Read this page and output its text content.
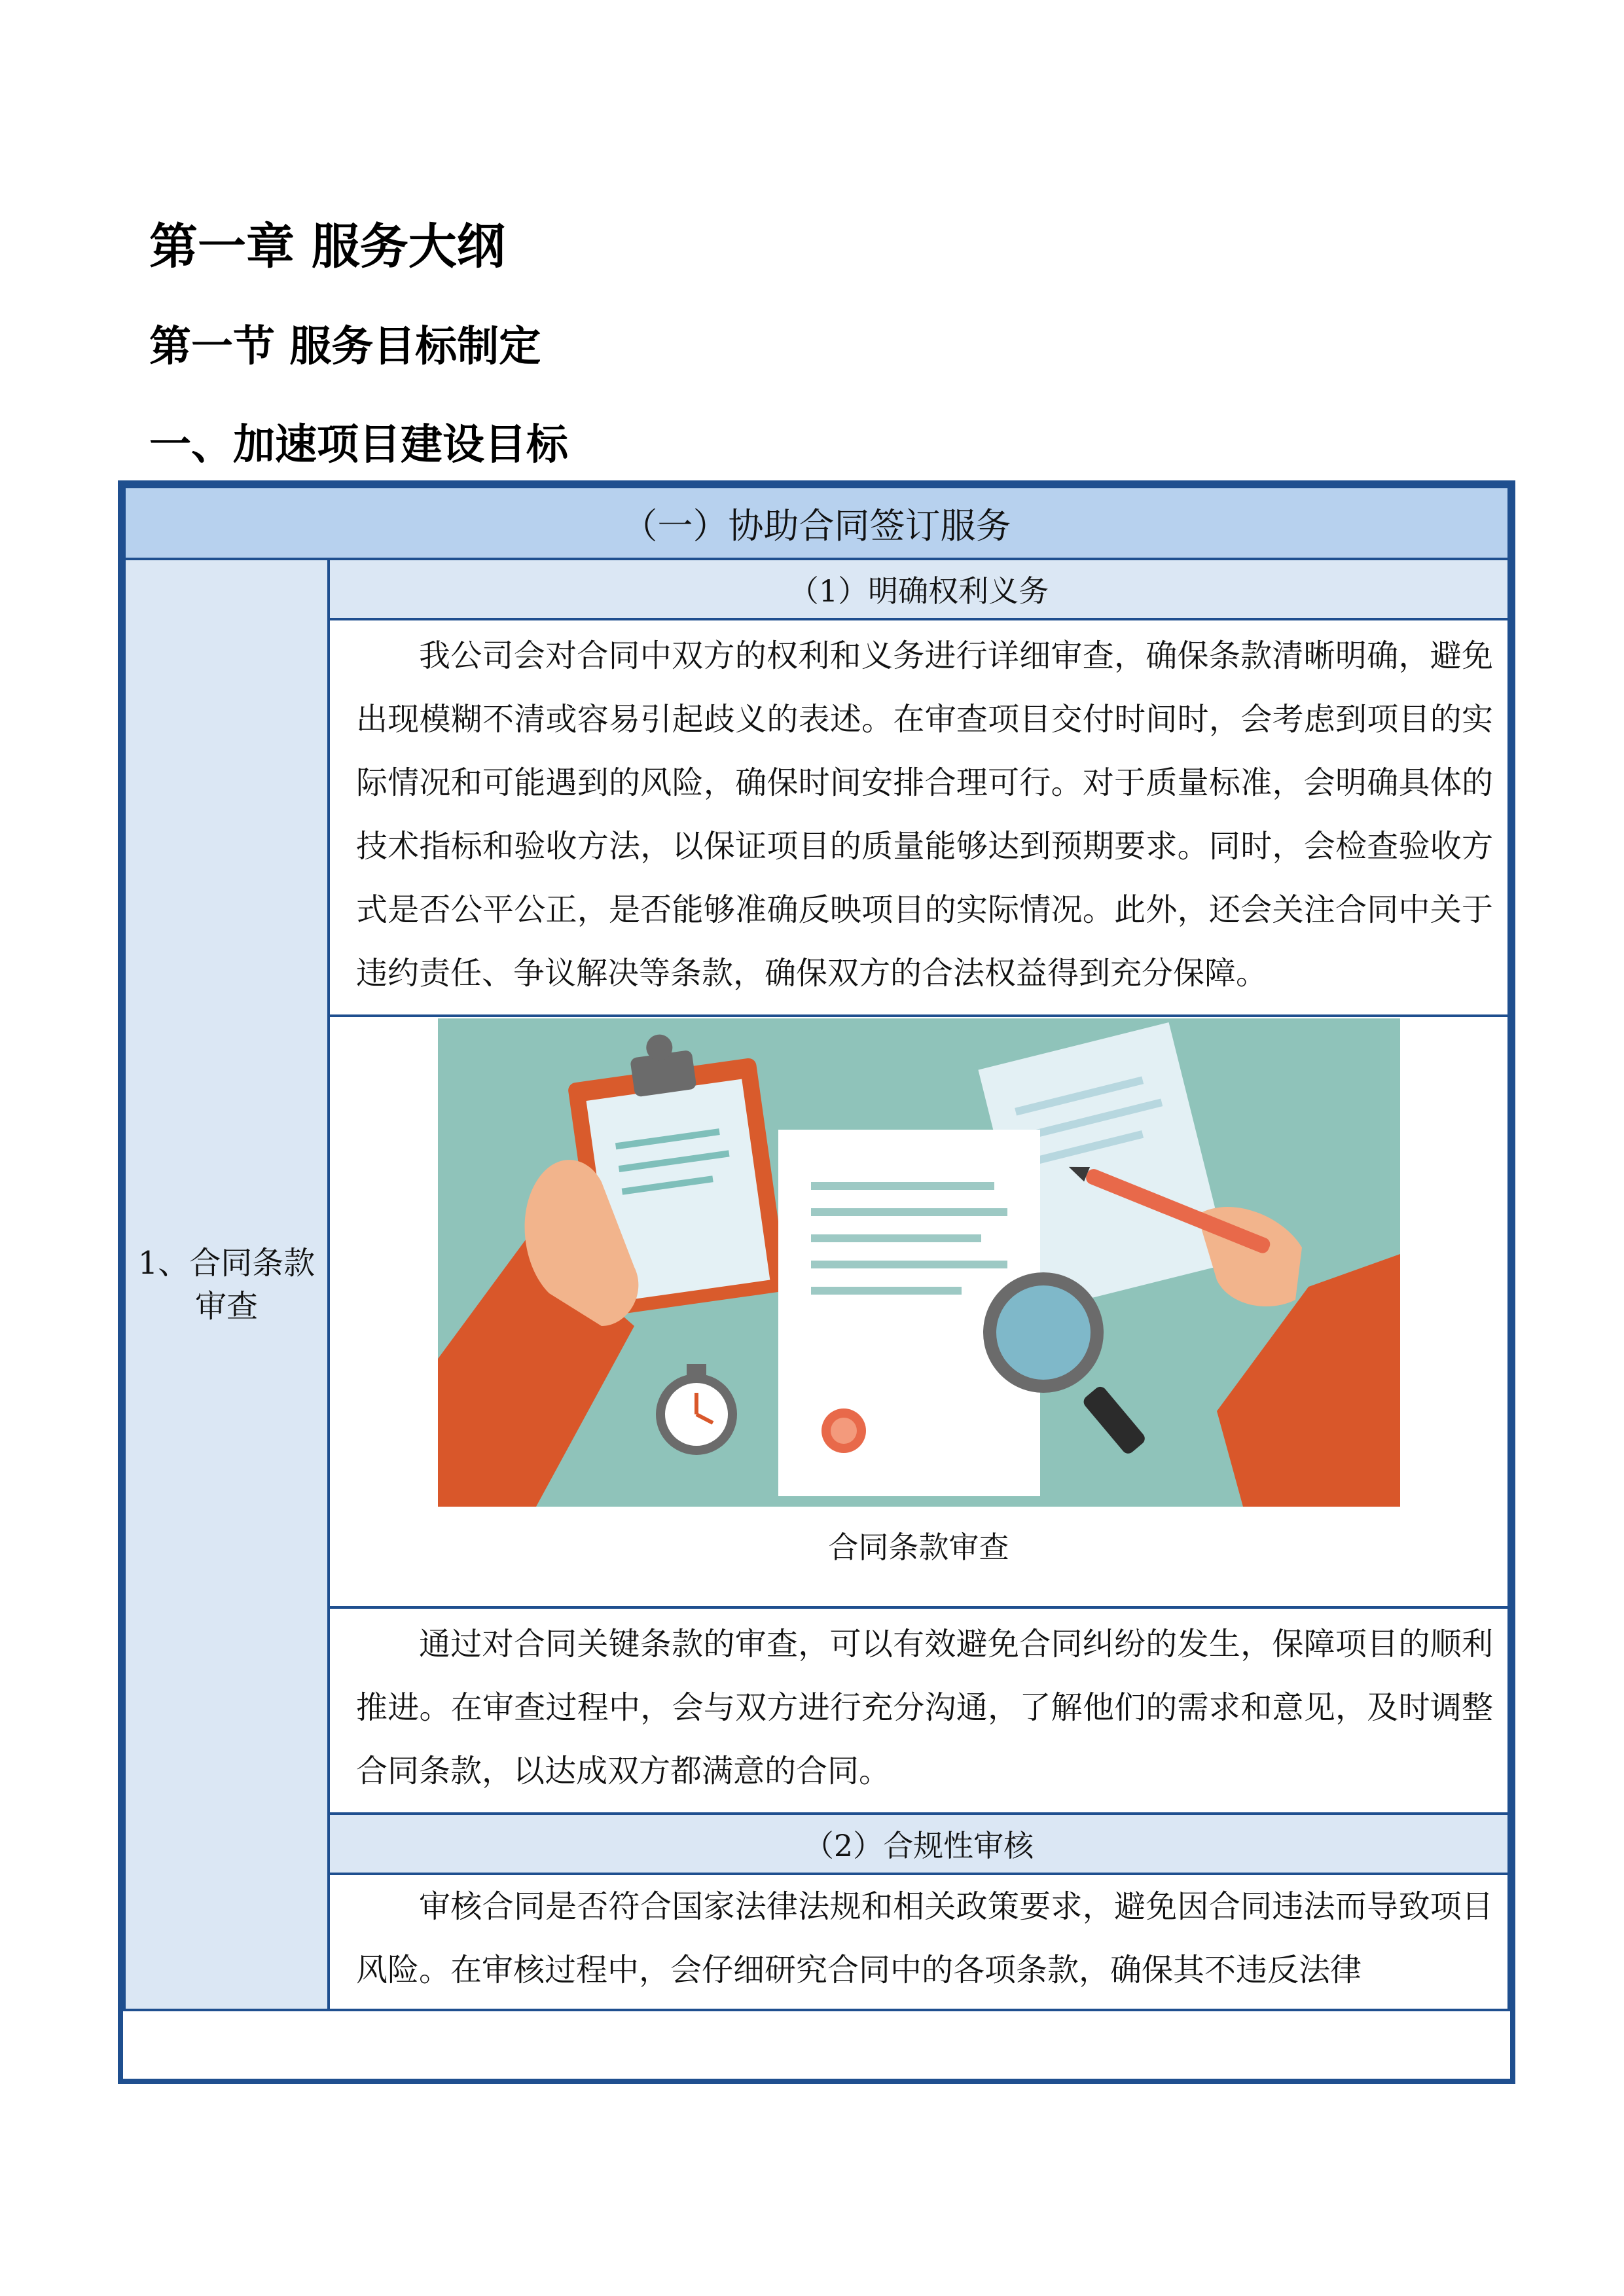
第一章 服务大纲
第一节 服务目标制定
一、加速项目建设目标
（一）协助合同签订服务
1、合同条款审查	（1）明确权利义务

我公司会对合同中双方的权利和义务进行详细审查，确保条款清晰明确，避免出现模糊不清或容易引起歧义的表述。在审查项目交付时间时，会考虑到项目的实际情况和可能遇到的风险，确保时间安排合理可行。对于质量标准，会明确具体的技术指标和验收方法，以保证项目的质量能够达到预期要求。同时，会检查验收方式是否公平公正，是否能够准确反映项目的实际情况。此外，还会关注合同中关于违约责任、争议解决等条款，确保双方的合法权益得到充分保障。

合同条款审查

通过对合同关键条款的审查，可以有效避免合同纠纷的发生，保障项目的顺利推进。在审查过程中，会与双方进行充分沟通，了解他们的需求和意见，及时调整合同条款，以达成双方都满意的合同。

（2）合规性审核

审核合同是否符合国家法律法规和相关政策要求，避免因合同违法而导致项目风险。在审核过程中，会仔细研究合同中的各项条款，确保其不违反法律
